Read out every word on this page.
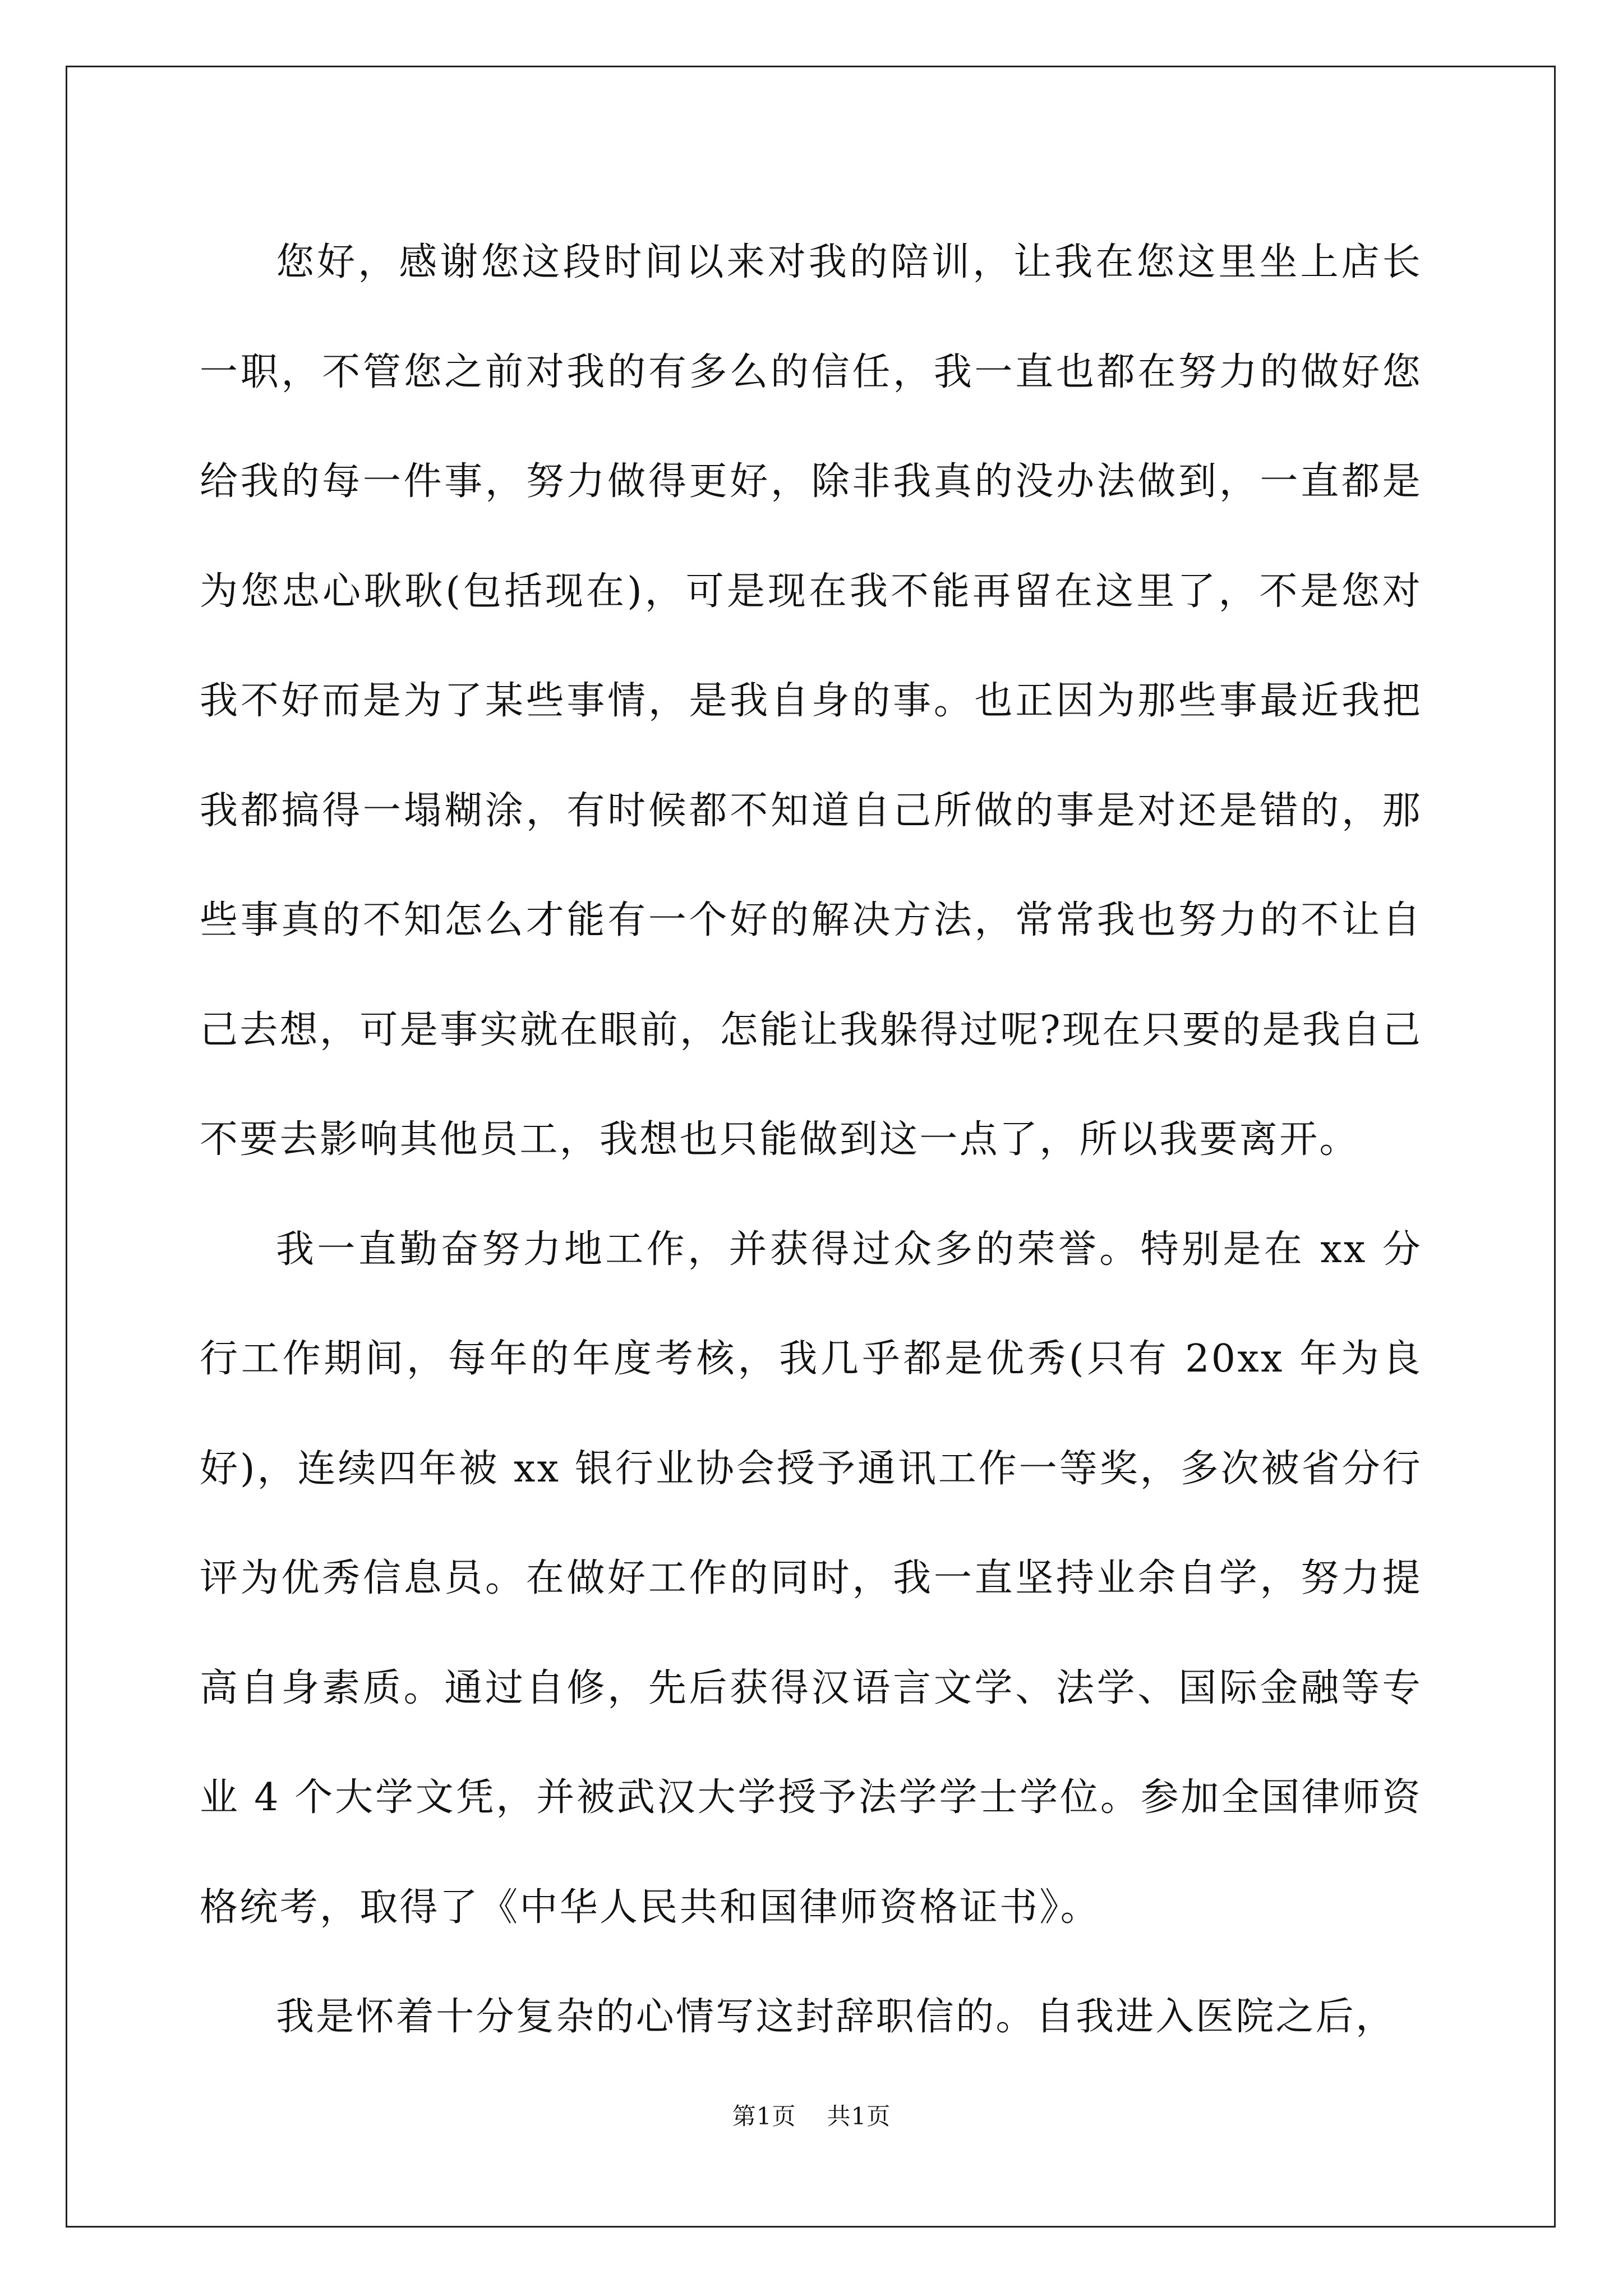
您好，感谢您这段时间以来对我的陪训，让我在您这里坐上店长一职，不管您之前对我的有多么的信任，我一直也都在努力的做好您给我的每一件事，努力做得更好，除非我真的没办法做到，一直都是为您忠心耿耿(包括现在)，可是现在我不能再留在这里了，不是您对我不好而是为了某些事情，是我自身的事。也正因为那些事最近我把我都搞得一塌糊涂，有时候都不知道自己所做的事是对还是错的，那些事真的不知怎么才能有一个好的解决方法，常常我也努力的不让自己去想，可是事实就在眼前，怎能让我躲得过呢?现在只要的是我自己不要去影响其他员工，我想也只能做到这一点了，所以我要离开。

我一直勤奋努力地工作，并获得过众多的荣誉。特别是在 xx 分行工作期间，每年的年度考核，我几乎都是优秀(只有 20xx 年为良好)，连续四年被 xx 银行业协会授予通讯工作一等奖，多次被省分行评为优秀信息员。在做好工作的同时，我一直坚持业余自学，努力提高自身素质。通过自修，先后获得汉语言文学、法学、国际金融等专业 4 个大学文凭，并被武汉大学授予法学学士学位。参加全国律师资格统考，取得了《中华人民共和国律师资格证书》。

我是怀着十分复杂的心情写这封辞职信的。自我进入医院之后，

第1页 共1页
